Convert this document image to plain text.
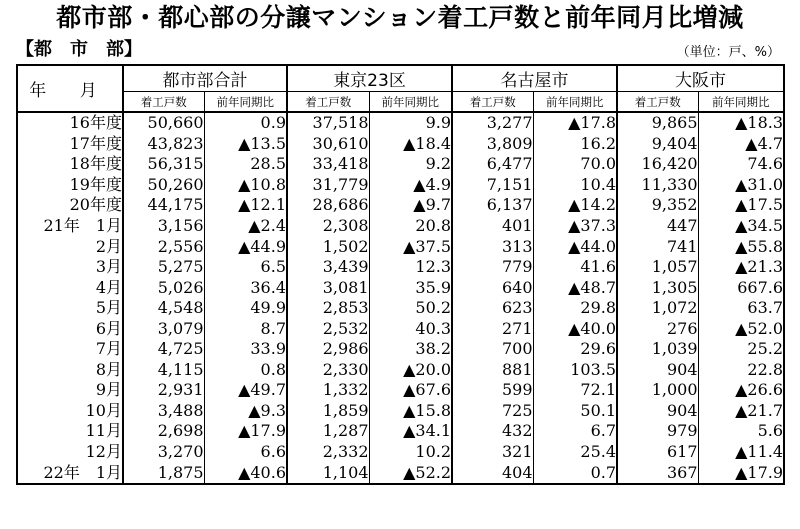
都市部・都心部の分譲マンション着工戸数と前年同月比増減
【都　市　部】	（単位：戸、%）
年 月	都市部合計		東京23区		名古屋市		大阪市	
	着工戸数	前年同期比	着工戸数	前年同期比	着工戸数	前年同期比	着工戸数	前年同期比
16年度	50,660	0.9	37,518	9.9	3,277	▲17.8	9,865	▲18.3
17年度	43,823	▲13.5	30,610	▲18.4	3,809	16.2	9,404	▲4.7
18年度	56,315	28.5	33,418	9.2	6,477	70.0	16,420	74.6
19年度	50,260	▲10.8	31,779	▲4.9	7,151	10.4	11,330	▲31.0
20年度	44,175	▲12.1	28,686	▲9.7	6,137	▲14.2	9,352	▲17.5
21年　1月	3,156	▲2.4	2,308	20.8	401	▲37.3	447	▲34.5
2月	2,556	▲44.9	1,502	▲37.5	313	▲44.0	741	▲55.8
3月	5,275	6.5	3,439	12.3	779	41.6	1,057	▲21.3
4月	5,026	36.4	3,081	35.9	640	▲48.7	1,305	667.6
5月	4,548	49.9	2,853	50.2	623	29.8	1,072	63.7
6月	3,079	8.7	2,532	40.3	271	▲40.0	276	▲52.0
7月	4,725	33.9	2,986	38.2	700	29.6	1,039	25.2
8月	4,115	0.8	2,330	▲20.0	881	103.5	904	22.8
9月	2,931	▲49.7	1,332	▲67.6	599	72.1	1,000	▲26.6
10月	3,488	▲9.3	1,859	▲15.8	725	50.1	904	▲21.7
11月	2,698	▲17.9	1,287	▲34.1	432	6.7	979	5.6
12月	3,270	6.6	2,332	10.2	321	25.4	617	▲11.4
22年　1月	1,875	▲40.6	1,104	▲52.2	404	0.7	367	▲17.9
